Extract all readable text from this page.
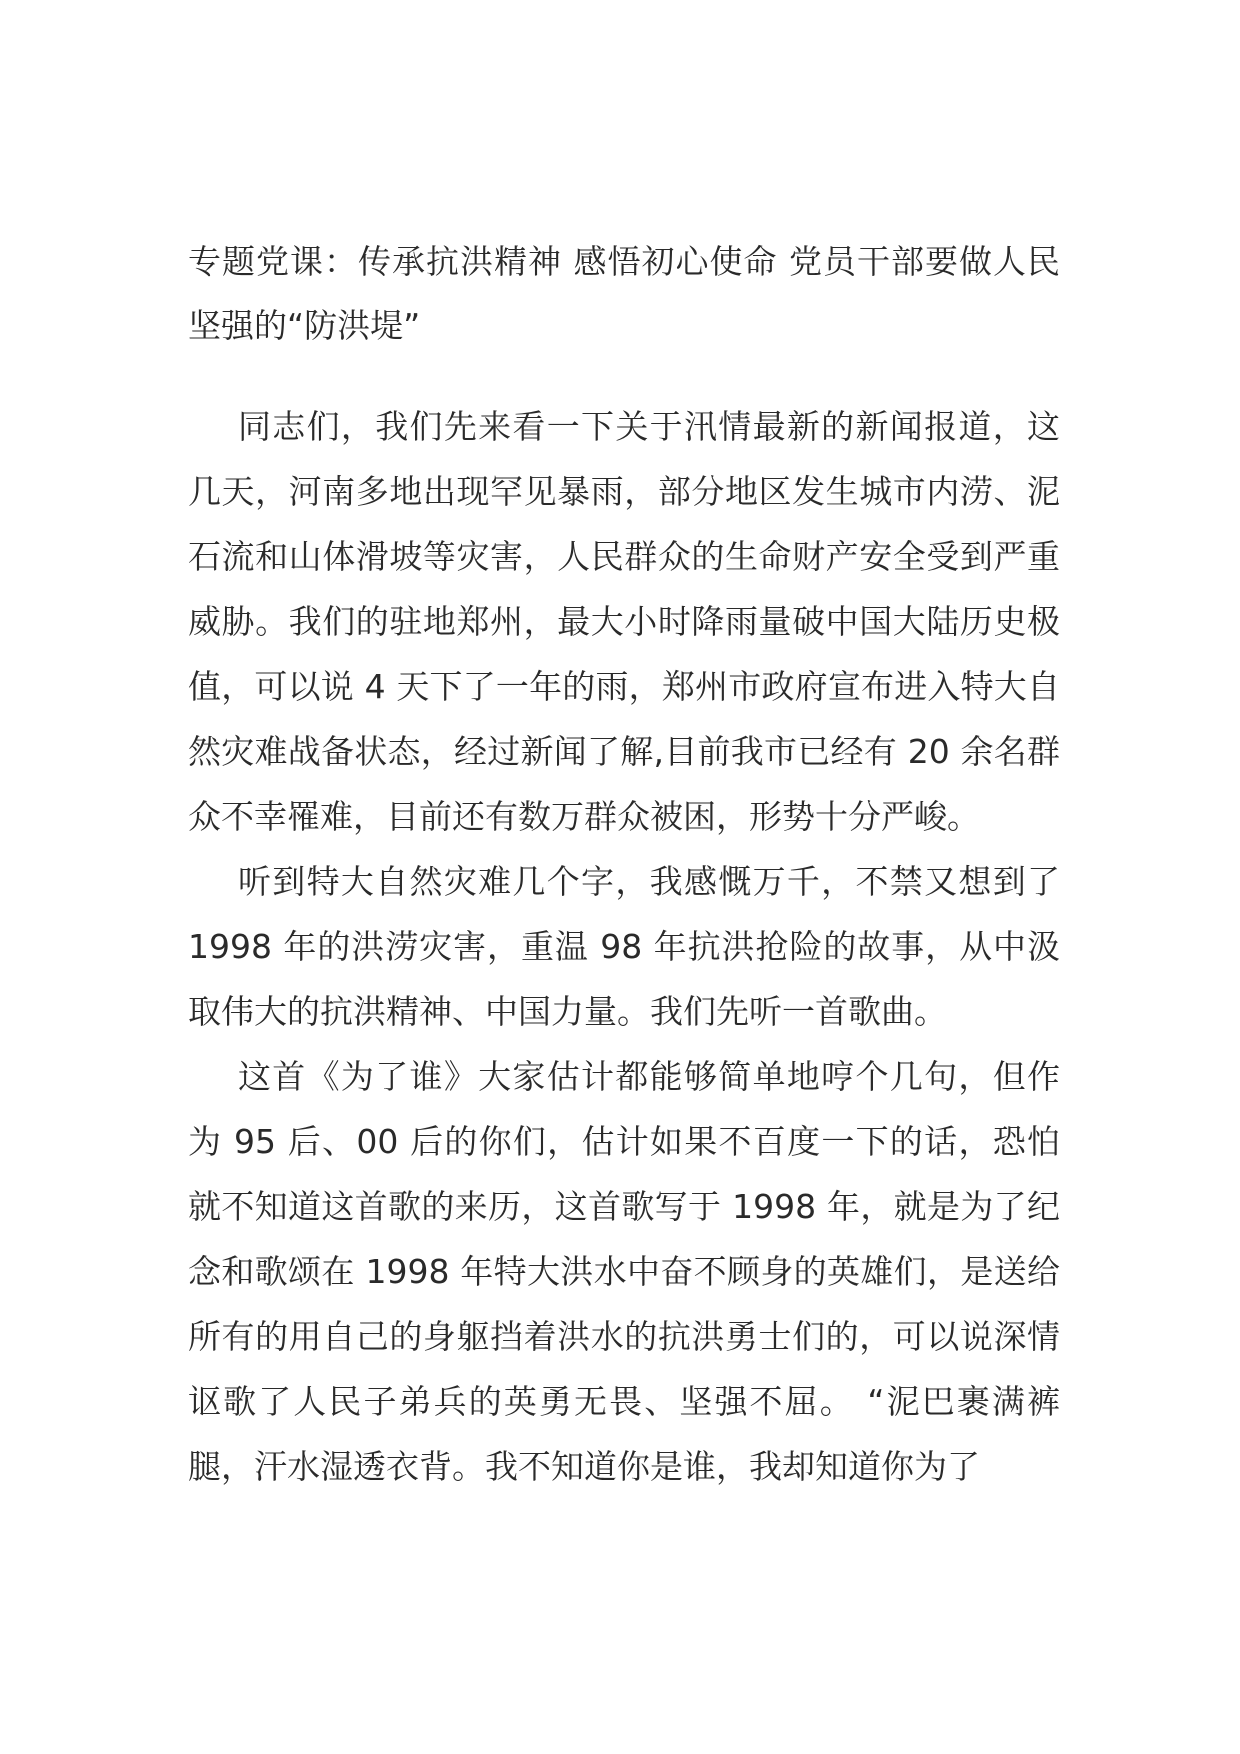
专题党课：传承抗洪精神 感悟初心使命 党员干部要做人民坚强的“防洪堤”

同志们，我们先来看一下关于汛情最新的新闻报道，这几天，河南多地出现罕见暴雨，部分地区发生城市内涝、泥石流和山体滑坡等灾害，人民群众的生命财产安全受到严重威胁。我们的驻地郑州，最大小时降雨量破中国大陆历史极值，可以说 4 天下了一年的雨，郑州市政府宣布进入特大自然灾难战备状态，经过新闻了解,目前我市已经有 20 余名群众不幸罹难，目前还有数万群众被困，形势十分严峻。

听到特大自然灾难几个字，我感慨万千，不禁又想到了 1998 年的洪涝灾害，重温 98 年抗洪抢险的故事，从中汲取伟大的抗洪精神、中国力量。我们先听一首歌曲。

这首《为了谁》大家估计都能够简单地哼个几句，但作为 95 后、00 后的你们，估计如果不百度一下的话，恐怕就不知道这首歌的来历，这首歌写于 1998 年，就是为了纪念和歌颂在 1998 年特大洪水中奋不顾身的英雄们，是送给所有的用自己的身躯挡着洪水的抗洪勇士们的，可以说深情讴歌了人民子弟兵的英勇无畏、坚强不屈。 “泥巴裹满裤腿，汗水湿透衣背。我不知道你是谁，我却知道你为了
